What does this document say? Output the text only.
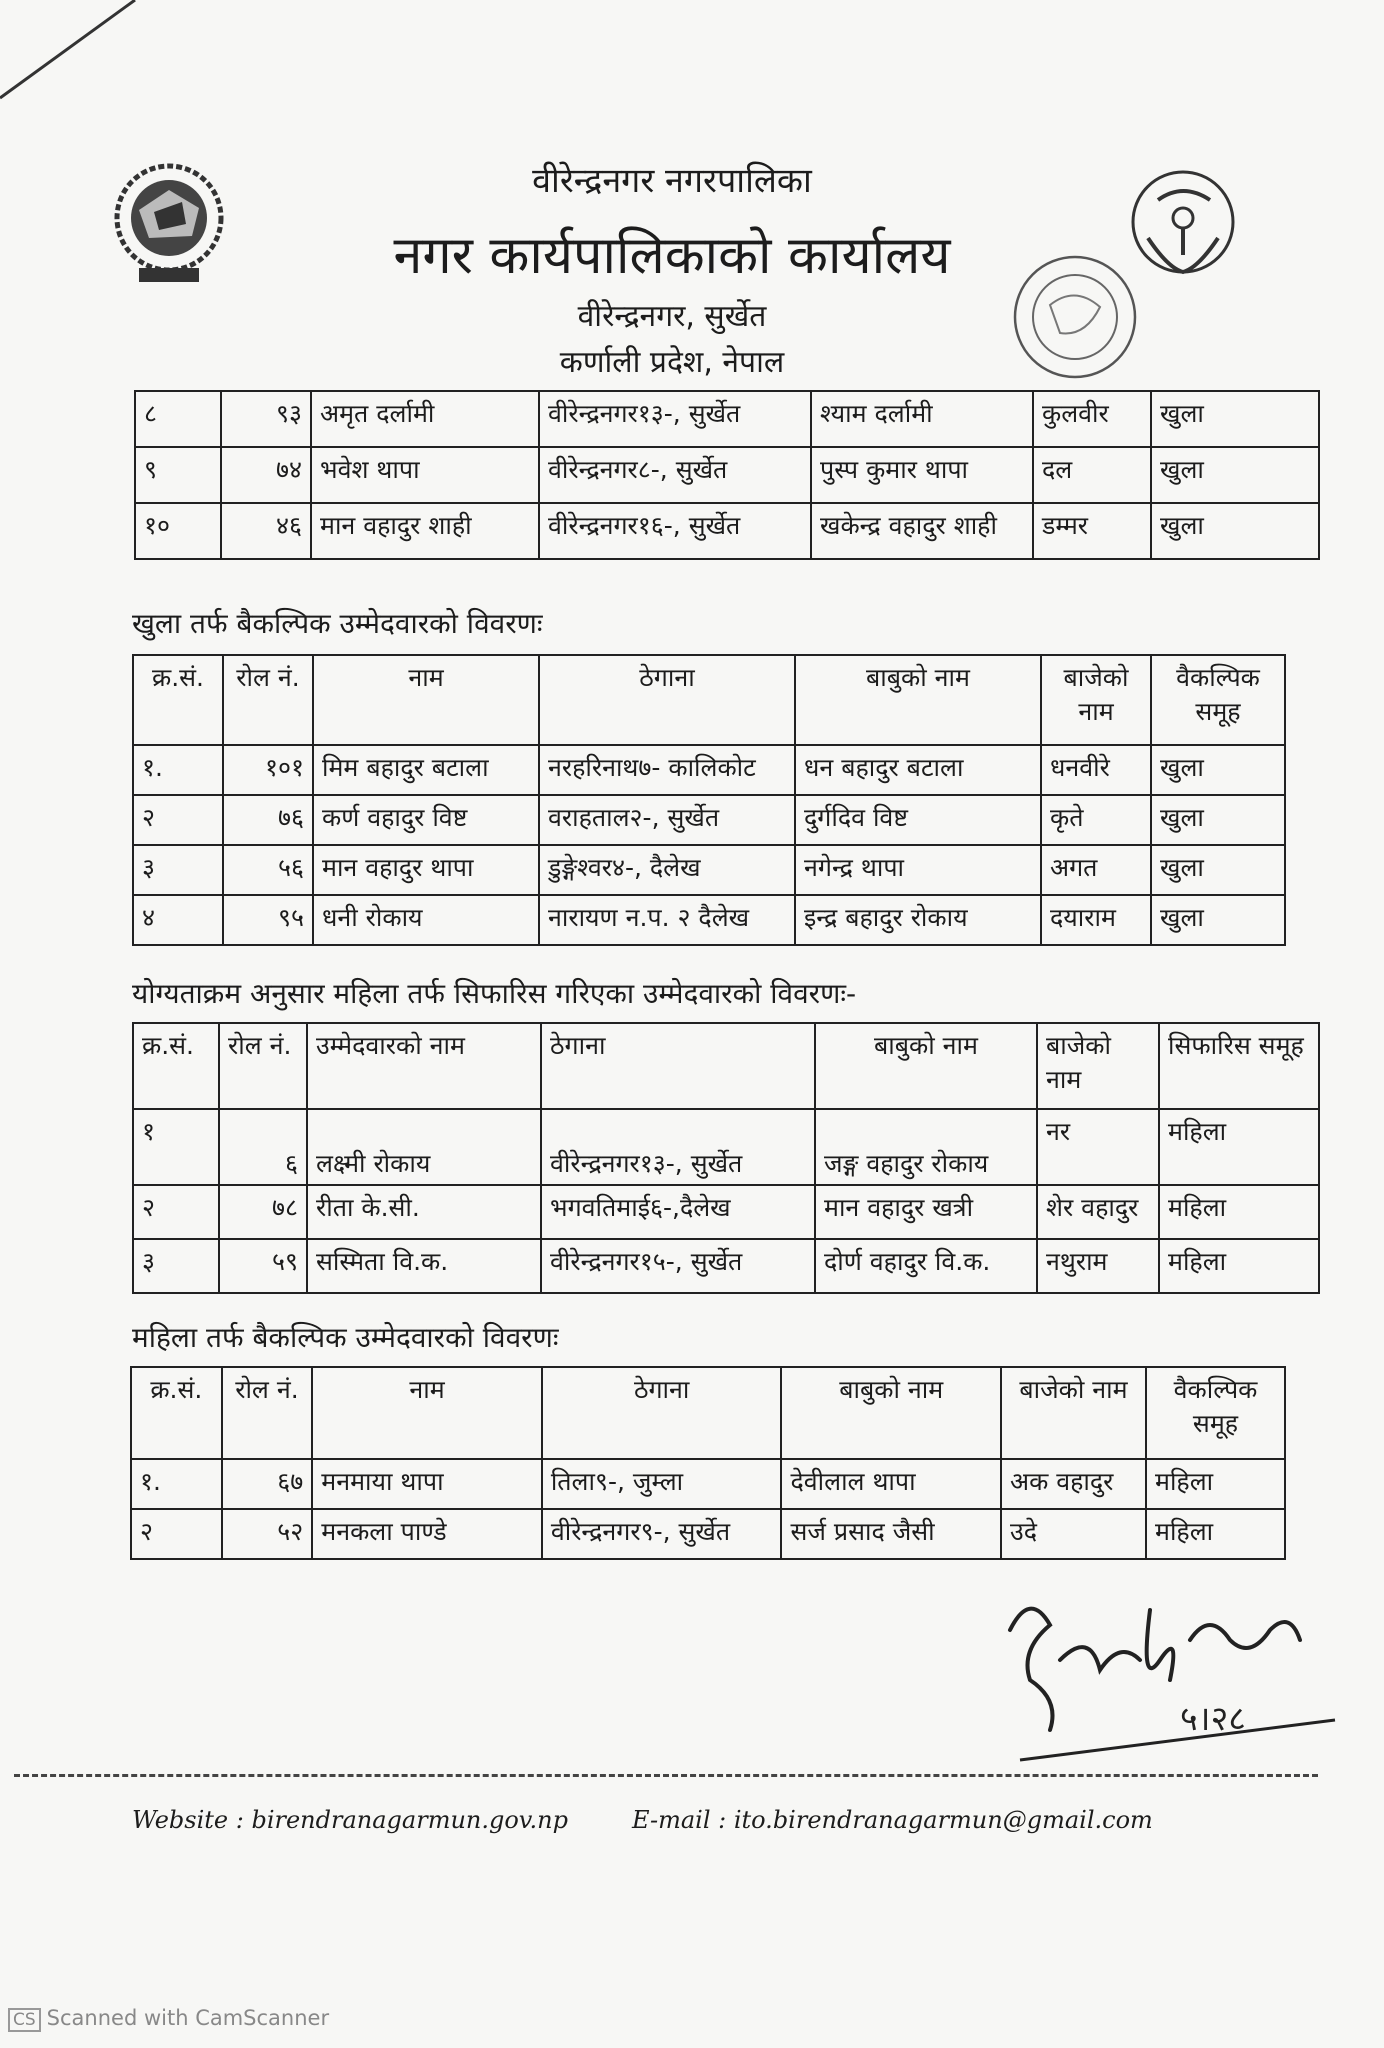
वीरेन्द्रनगर नगरपालिका
नगर कार्यपालिकाको कार्यालय
वीरेन्द्रनगर, सुर्खेत
कर्णाली प्रदेश, नेपाल
८	९३	अमृत दर्लामी	वीरेन्द्रनगर१३-, सुर्खेत	श्याम दर्लामी	कुलवीर	खुला
९	७४	भवेश थापा	वीरेन्द्रनगर८-, सुर्खेत	पुस्प कुमार थापा	दल	खुला
१०	४६	मान वहादुर शाही	वीरेन्द्रनगर१६-, सुर्खेत	खकेन्द्र वहादुर शाही	डम्मर	खुला
खुला तर्फ बैकल्पिक उम्मेदवारको विवरणः
क्र.सं.	रोल नं.	नाम	ठेगाना	बाबुको नाम	बाजेको नाम	वैकल्पिक समूह
१.	१०१	मिम बहादुर बटाला	नरहरिनाथ७- कालिकोट	धन बहादुर बटाला	धनवीरे	खुला
२	७६	कर्ण वहादुर विष्ट	वराहताल२-, सुर्खेत	दुर्गदिव विष्ट	कृते	खुला
३	५६	मान वहादुर थापा	डुङ्गेश्वर४-, दैलेख	नगेन्द्र थापा	अगत	खुला
४	९५	धनी रोकाय	नारायण न.प. २ दैलेख	इन्द्र बहादुर रोकाय	दयाराम	खुला
योग्यताक्रम अनुसार महिला तर्फ सिफारिस गरिएका उम्मेदवारको विवरणः-
क्र.सं.	रोल नं.	उम्मेदवारको नाम	ठेगाना	बाबुको नाम	बाजेको नाम	सिफारिस समूह
१	६	लक्ष्मी रोकाय	वीरेन्द्रनगर१३-, सुर्खेत	जङ्ग वहादुर रोकाय	नर	महिला
२	७८	रीता के.सी.	भगवतिमाई६-,दैलेख	मान वहादुर खत्री	शेर वहादुर	महिला
३	५९	सस्मिता वि.क.	वीरेन्द्रनगर१५-, सुर्खेत	दोर्ण वहादुर वि.क.	नथुराम	महिला
महिला तर्फ बैकल्पिक उम्मेदवारको विवरणः
क्र.सं.	रोल नं.	नाम	ठेगाना	बाबुको नाम	बाजेको नाम	वैकल्पिक समूह
१.	६७	मनमाया थापा	तिला९-, जुम्ला	देवीलाल थापा	अक वहादुर	महिला
२	५२	मनकला पाण्डे	वीरेन्द्रनगर९-, सुर्खेत	सर्ज प्रसाद जैसी	उदे	महिला
५।२८
Website : birendranagarmun.gov.np	E-mail : ito.birendranagarmun@gmail.com
CS Scanned with CamScanner
